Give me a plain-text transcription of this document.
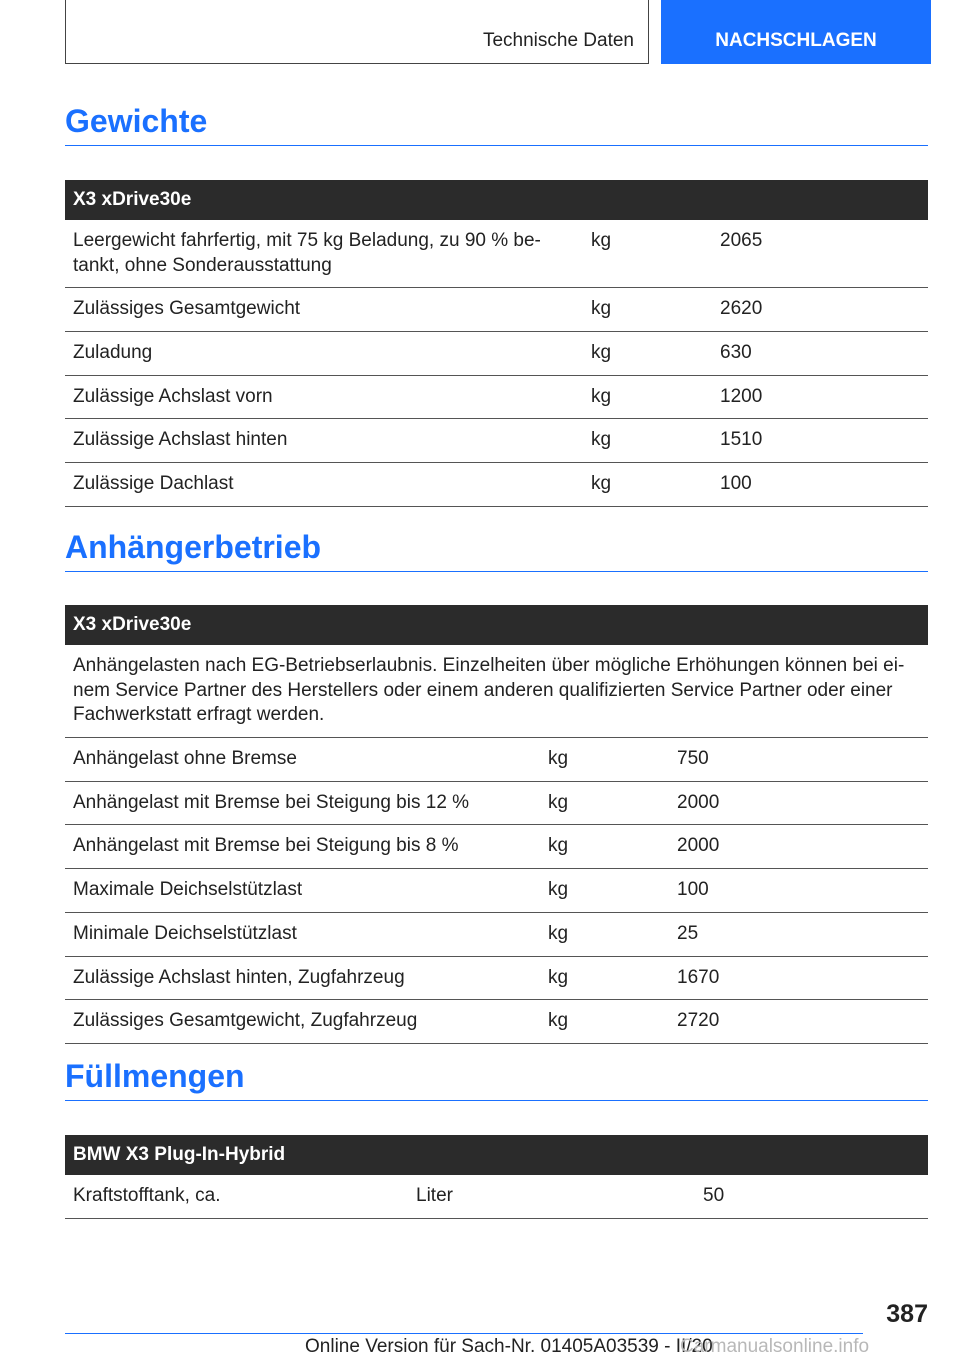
Technische Daten	NACHSCHLAGEN
Gewichte
X3 xDrive30e		
Leergewicht fahrfertig, mit 75 kg Beladung, zu 90 % be-
tankt, ohne Sonderausstattung	kg	2065
Zulässiges Gesamtgewicht	kg	2620
Zuladung	kg	630
Zulässige Achslast vorn	kg	1200
Zulässige Achslast hinten	kg	1510
Zulässige Dachlast	kg	100
Anhängerbetrieb
X3 xDrive30e		
Anhängelasten nach EG-Betriebserlaubnis. Einzelheiten über mögliche Erhöhungen können bei ei-
nem Service Partner des Herstellers oder einem anderen qualifizierten Service Partner oder einer
Fachwerkstatt erfragt werden.		
Anhängelast ohne Bremse	kg	750
Anhängelast mit Bremse bei Steigung bis 12 %	kg	2000
Anhängelast mit Bremse bei Steigung bis 8 %	kg	2000
Maximale Deichselstützlast	kg	100
Minimale Deichselstützlast	kg	25
Zulässige Achslast hinten, Zugfahrzeug	kg	1670
Zulässiges Gesamtgewicht, Zugfahrzeug	kg	2720
Füllmengen
BMW X3 Plug-In-Hybrid
Kraftstofftank, ca.	Liter	50
387
Online Version für Sach-Nr. 01405A03539 - II/20
Carmanualsonline.info
